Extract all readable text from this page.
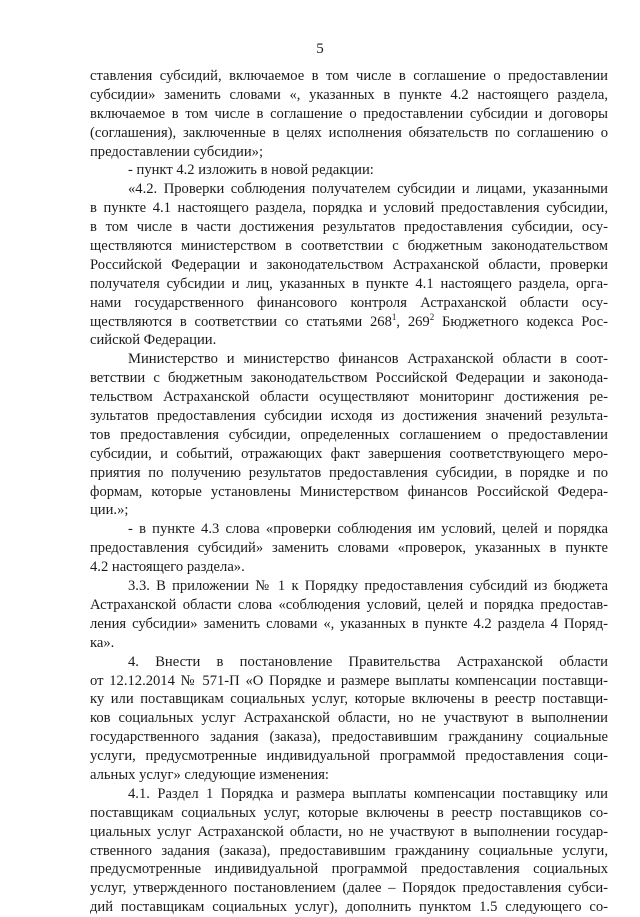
5
ставления субсидий, включаемое в том числе в соглашение о предоставлении
субсидии» заменить словами «, указанных в пункте 4.2 настоящего раздела,
включаемое в том числе в соглашение о предоставлении субсидии и договоры
(соглашения), заключенные в целях исполнения обязательств по соглашению о
предоставлении субсидии»;
- пункт 4.2 изложить в новой редакции:
«4.2. Проверки соблюдения получателем субсидии и лицами, указанными
в пункте 4.1 настоящего раздела, порядка и условий предоставления субсидии,
в том числе в части достижения результатов предоставления субсидии, осу-
ществляются министерством в соответствии с бюджетным законодательством
Российской Федерации и законодательством Астраханской области, проверки
получателя субсидии и лиц, указанных в пункте 4.1 настоящего раздела, орга-
нами государственного финансового контроля Астраханской области осу-
ществляются в соответствии со статьями $268^1$, $269^2$ Бюджетного кодекса Рос-
сийской Федерации.
Министерство и министерство финансов Астраханской области в соот-
ветствии с бюджетным законодательством Российской Федерации и законода-
тельством Астраханской области осуществляют мониторинг достижения ре-
зультатов предоставления субсидии исходя из достижения значений результа-
тов предоставления субсидии, определенных соглашением о предоставлении
субсидии, и событий, отражающих факт завершения соответствующего меро-
приятия по получению результатов предоставления субсидии, в порядке и по
формам, которые установлены Министерством финансов Российской Федера-
ции.»;
- в пункте 4.3 слова «проверки соблюдения им условий, целей и порядка
предоставления субсидий» заменить словами «проверок, указанных в пункте
4.2 настоящего раздела».
3.3. В приложении № 1 к Порядку предоставления субсидий из бюджета
Астраханской области слова «соблюдения условий, целей и порядка предостав-
ления субсидии» заменить словами «, указанных в пункте 4.2 раздела 4 Поряд-
ка».
4. Внести в постановление Правительства Астраханской области
от 12.12.2014 № 571-П «О Порядке и размере выплаты компенсации поставщи-
ку или поставщикам социальных услуг, которые включены в реестр поставщи-
ков социальных услуг Астраханской области, но не участвуют в выполнении
государственного задания (заказа), предоставившим гражданину социальные
услуги, предусмотренные индивидуальной программой предоставления соци-
альных услуг» следующие изменения:
4.1. Раздел 1 Порядка и размера выплаты компенсации поставщику или
поставщикам социальных услуг, которые включены в реестр поставщиков со-
циальных услуг Астраханской области, но не участвуют в выполнении государ-
ственного задания (заказа), предоставившим гражданину социальные услуги,
предусмотренные индивидуальной программой предоставления социальных
услуг, утвержденного постановлением (далее – Порядок предоставления субси-
дий поставщикам социальных услуг), дополнить пунктом 1.5 следующего со-
